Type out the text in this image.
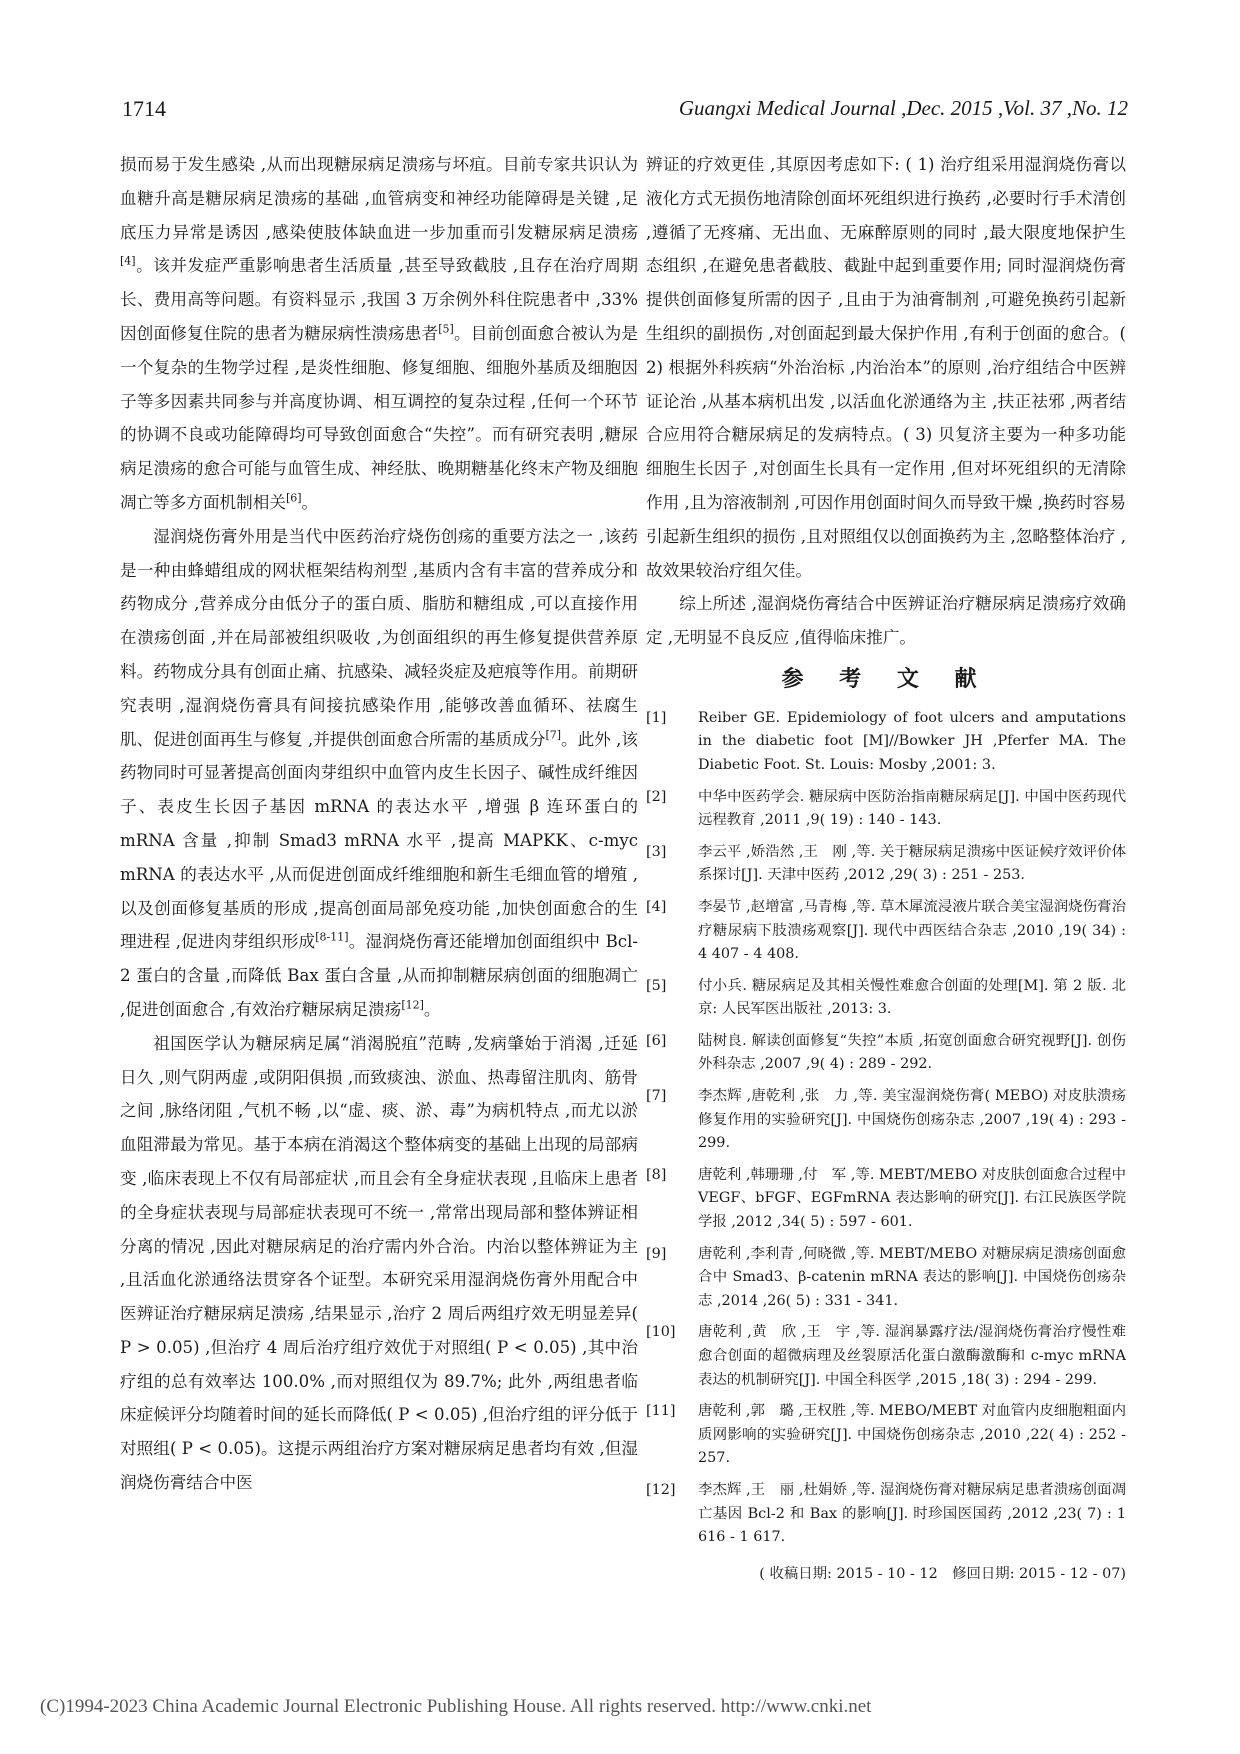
1714	Guangxi Medical Journal ,Dec. 2015 ,Vol. 37 ,No. 12

损而易于发生感染 ,从而出现糖尿病足溃疡与坏疽。目前专家共识认为血糖升高是糖尿病足溃疡的基础 ,血管病变和神经功能障碍是关键 ,足底压力异常是诱因 ,感染使肢体缺血进一步加重而引发糖尿病足溃疡[4]。该并发症严重影响患者生活质量 ,甚至导致截肢 ,且存在治疗周期长、费用高等问题。有资料显示 ,我国 3 万余例外科住院患者中 ,33% 因创面修复住院的患者为糖尿病性溃疡患者[5]。目前创面愈合被认为是一个复杂的生物学过程 ,是炎性细胞、修复细胞、细胞外基质及细胞因子等多因素共同参与并高度协调、相互调控的复杂过程 ,任何一个环节的协调不良或功能障碍均可导致创面愈合“失控”。而有研究表明 ,糖尿病足溃疡的愈合可能与血管生成、神经肽、晚期糖基化终末产物及细胞凋亡等多方面机制相关[6]。

湿润烧伤膏外用是当代中医药治疗烧伤创疡的重要方法之一 ,该药是一种由蜂蜡组成的网状框架结构剂型 ,基质内含有丰富的营养成分和药物成分 ,营养成分由低分子的蛋白质、脂肪和糖组成 ,可以直接作用在溃疡创面 ,并在局部被组织吸收 ,为创面组织的再生修复提供营养原料。药物成分具有创面止痛、抗感染、减轻炎症及疤痕等作用。前期研究表明 ,湿润烧伤膏具有间接抗感染作用 ,能够改善血循环、祛腐生肌、促进创面再生与修复 ,并提供创面愈合所需的基质成分[7]。此外 ,该药物同时可显著提高创面肉芽组织中血管内皮生长因子、碱性成纤维因子、表皮生长因子基因 mRNA 的表达水平 ,增强 β 连环蛋白的 mRNA 含量 ,抑制 Smad3 mRNA 水平 ,提高 MAPKK、c-myc mRNA 的表达水平 ,从而促进创面成纤维细胞和新生毛细血管的增殖 ,以及创面修复基质的形成 ,提高创面局部免疫功能 ,加快创面愈合的生理进程 ,促进肉芽组织形成[8-11]。湿润烧伤膏还能增加创面组织中 Bcl-2 蛋白的含量 ,而降低 Bax 蛋白含量 ,从而抑制糖尿病创面的细胞凋亡 ,促进创面愈合 ,有效治疗糖尿病足溃疡[12]。

祖国医学认为糖尿病足属“消渴脱疽”范畴 ,发病肇始于消渴 ,迁延日久 ,则气阴两虚 ,或阴阳俱损 ,而致痰浊、淤血、热毒留注肌肉、筋骨之间 ,脉络闭阻 ,气机不畅 ,以“虚、痰、淤、毒”为病机特点 ,而尤以淤血阻滞最为常见。基于本病在消渴这个整体病变的基础上出现的局部病变 ,临床表现上不仅有局部症状 ,而且会有全身症状表现 ,且临床上患者的全身症状表现与局部症状表现可不统一 ,常常出现局部和整体辨证相分离的情况 ,因此对糖尿病足的治疗需内外合治。内治以整体辨证为主 ,且活血化淤通络法贯穿各个证型。本研究采用湿润烧伤膏外用配合中医辨证治疗糖尿病足溃疡 ,结果显示 ,治疗 2 周后两组疗效无明显差异( P > 0.05) ,但治疗 4 周后治疗组疗效优于对照组( P < 0.05) ,其中治疗组的总有效率达 100.0% ,而对照组仅为 89.7%; 此外 ,两组患者临床症候评分均随着时间的延长而降低( P < 0.05) ,但治疗组的评分低于对照组( P < 0.05)。这提示两组治疗方案对糖尿病足患者均有效 ,但湿润烧伤膏结合中医

辨证的疗效更佳 ,其原因考虑如下: ( 1) 治疗组采用湿润烧伤膏以液化方式无损伤地清除创面坏死组织进行换药 ,必要时行手术清创 ,遵循了无疼痛、无出血、无麻醉原则的同时 ,最大限度地保护生态组织 ,在避免患者截肢、截趾中起到重要作用; 同时湿润烧伤膏提供创面修复所需的因子 ,且由于为油膏制剂 ,可避免换药引起新生组织的副损伤 ,对创面起到最大保护作用 ,有利于创面的愈合。( 2) 根据外科疾病“外治治标 ,内治治本”的原则 ,治疗组结合中医辨证论治 ,从基本病机出发 ,以活血化淤通络为主 ,扶正祛邪 ,两者结合应用符合糖尿病足的发病特点。( 3) 贝复济主要为一种多功能细胞生长因子 ,对创面生长具有一定作用 ,但对坏死组织的无清除作用 ,且为溶液制剂 ,可因作用创面时间久而导致干燥 ,换药时容易引起新生组织的损伤 ,且对照组仅以创面换药为主 ,忽略整体治疗 ,故效果较治疗组欠佳。

综上所述 ,湿润烧伤膏结合中医辨证治疗糖尿病足溃疡疗效确定 ,无明显不良反应 ,值得临床推广。

参 考 文 献
[1]	Reiber GE. Epidemiology of foot ulcers and amputations in the diabetic foot [M]//Bowker JH ,Pferfer MA. The Diabetic Foot. St. Louis: Mosby ,2001: 3.
[2]	中华中医药学会. 糖尿病中医防治指南糖尿病足[J]. 中国中医药现代远程教育 ,2011 ,9( 19) : 140 - 143.
[3]	李云平 ,娇浩然 ,王　刚 ,等. 关于糖尿病足溃疡中医证候疗效评价体系探讨[J]. 天津中医药 ,2012 ,29( 3) : 251 - 253.
[4]	李晏节 ,赵增富 ,马青梅 ,等. 草木犀流浸液片联合美宝湿润烧伤膏治疗糖尿病下肢溃疡观察[J]. 现代中西医结合杂志 ,2010 ,19( 34) : 4 407 - 4 408.
[5]	付小兵. 糖尿病足及其相关慢性难愈合创面的处理[M]. 第 2 版. 北京: 人民军医出版社 ,2013: 3.
[6]	陆树良. 解读创面修复“失控”本质 ,拓宽创面愈合研究视野[J]. 创伤外科杂志 ,2007 ,9( 4) : 289 - 292.
[7]	李杰辉 ,唐乾利 ,张　力 ,等. 美宝湿润烧伤膏( MEBO) 对皮肤溃疡修复作用的实验研究[J]. 中国烧伤创疡杂志 ,2007 ,19( 4) : 293 - 299.
[8]	唐乾利 ,韩珊珊 ,付　军 ,等. MEBT/MEBO 对皮肤创面愈合过程中 VEGF、bFGF、EGFmRNA 表达影响的研究[J]. 右江民族医学院学报 ,2012 ,34( 5) : 597 - 601.
[9]	唐乾利 ,李利青 ,何晓微 ,等. MEBT/MEBO 对糖尿病足溃疡创面愈合中 Smad3、β-catenin mRNA 表达的影响[J]. 中国烧伤创疡杂志 ,2014 ,26( 5) : 331 - 341.
[10]	唐乾利 ,黄　欣 ,王　宇 ,等. 湿润暴露疗法/湿润烧伤膏治疗慢性难愈合创面的超微病理及丝裂原活化蛋白激酶激酶和 c-myc mRNA 表达的机制研究[J]. 中国全科医学 ,2015 ,18( 3) : 294 - 299.
[11]	唐乾利 ,郭　璐 ,王权胜 ,等. MEBO/MEBT 对血管内皮细胞粗面内质网影响的实验研究[J]. 中国烧伤创疡杂志 ,2010 ,22( 4) : 252 - 257.
[12]	李杰辉 ,王　丽 ,杜娟娇 ,等. 湿润烧伤膏对糖尿病足患者溃疡创面凋亡基因 Bcl-2 和 Bax 的影响[J]. 时珍国医国药 ,2012 ,23( 7) : 1 616 - 1 617.
( 收稿日期: 2015 - 10 - 12　修回日期: 2015 - 12 - 07)
(C)1994-2023 China Academic Journal Electronic Publishing House. All rights reserved. http://www.cnki.net
